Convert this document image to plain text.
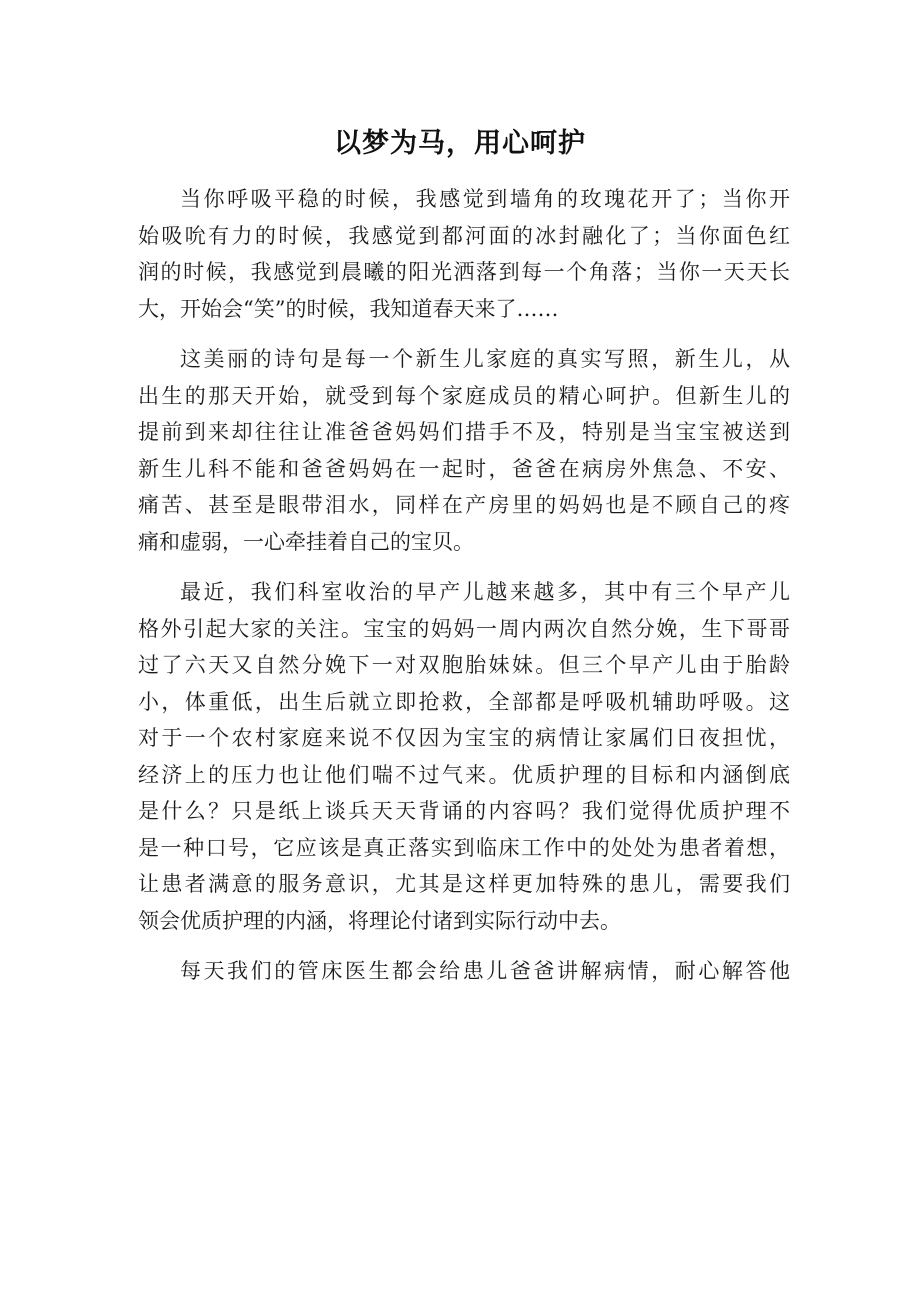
以梦为马，用心呵护
当你呼吸平稳的时候，我感觉到墙角的玫瑰花开了；当你开
始吸吮有力的时候，我感觉到都河面的冰封融化了；当你面色红
润的时候，我感觉到晨曦的阳光洒落到每一个角落；当你一天天长
大，开始会“笑”的时候，我知道春天来了……
这美丽的诗句是每一个新生儿家庭的真实写照，新生儿，从
出生的那天开始，就受到每个家庭成员的精心呵护。但新生儿的
提前到来却往往让准爸爸妈妈们措手不及，特别是当宝宝被送到
新生儿科不能和爸爸妈妈在一起时，爸爸在病房外焦急、不安、
痛苦、甚至是眼带泪水，同样在产房里的妈妈也是不顾自己的疼
痛和虚弱，一心牵挂着自己的宝贝。
最近，我们科室收治的早产儿越来越多，其中有三个早产儿
格外引起大家的关注。宝宝的妈妈一周内两次自然分娩，生下哥哥
过了六天又自然分娩下一对双胞胎妹妹。但三个早产儿由于胎龄
小，体重低，出生后就立即抢救，全部都是呼吸机辅助呼吸。这
对于一个农村家庭来说不仅因为宝宝的病情让家属们日夜担忧，
经济上的压力也让他们喘不过气来。优质护理的目标和内涵倒底
是什么？只是纸上谈兵天天背诵的内容吗？我们觉得优质护理不
是一种口号，它应该是真正落实到临床工作中的处处为患者着想，
让患者满意的服务意识，尤其是这样更加特殊的患儿，需要我们
领会优质护理的内涵，将理论付诸到实际行动中去。
每天我们的管床医生都会给患儿爸爸讲解病情，耐心解答他
